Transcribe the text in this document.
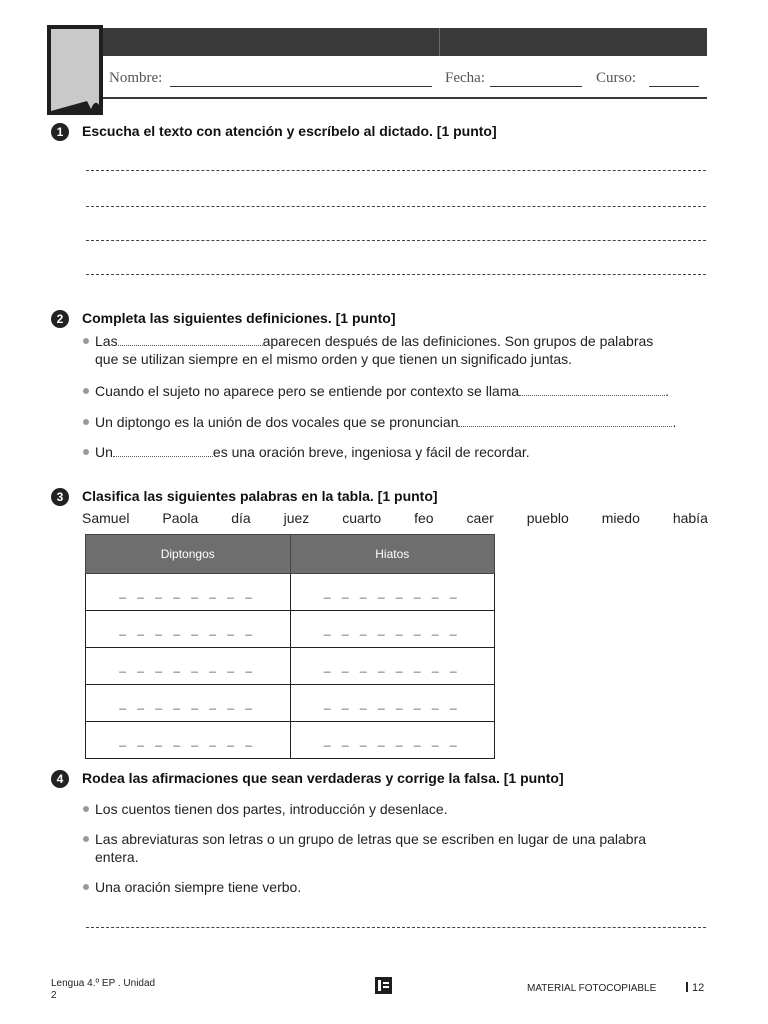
Nombre:	Fecha:	Curso:
1	Escucha el texto con atención y escríbelo al dictado. [1 punto]
2	Completa las siguientes definiciones. [1 punto]
Las	aparecen después de las definiciones. Son grupos de palabras
que se utilizan siempre en el mismo orden y que tienen un significado juntas.
Cuando el sujeto no aparece pero se entiende por contexto se llama	.
Un diptongo es la unión de dos vocales que se pronuncian	.
Un	es una oración breve, ingeniosa y fácil de recordar.
3	Clasifica las siguientes palabras en la tabla. [1 punto]
Samuel Paola día juez cuarto feo caer pueblo miedo había
Diptongos	Hiatos
_ _ _ _ _ _ _ _	_ _ _ _ _ _ _ _
_ _ _ _ _ _ _ _	_ _ _ _ _ _ _ _
_ _ _ _ _ _ _ _	_ _ _ _ _ _ _ _
_ _ _ _ _ _ _ _	_ _ _ _ _ _ _ _
_ _ _ _ _ _ _ _	_ _ _ _ _ _ _ _
4	Rodea las afirmaciones que sean verdaderas y corrige la falsa. [1 punto]
Los cuentos tienen dos partes, introducción y desenlace.
Las abreviaturas son letras o un grupo de letras que se escriben en lugar de una palabra
entera.
Una oración siempre tiene verbo.
Lengua 4.º EP . Unidad
2
MATERIAL FOTOCOPIABLE	12
